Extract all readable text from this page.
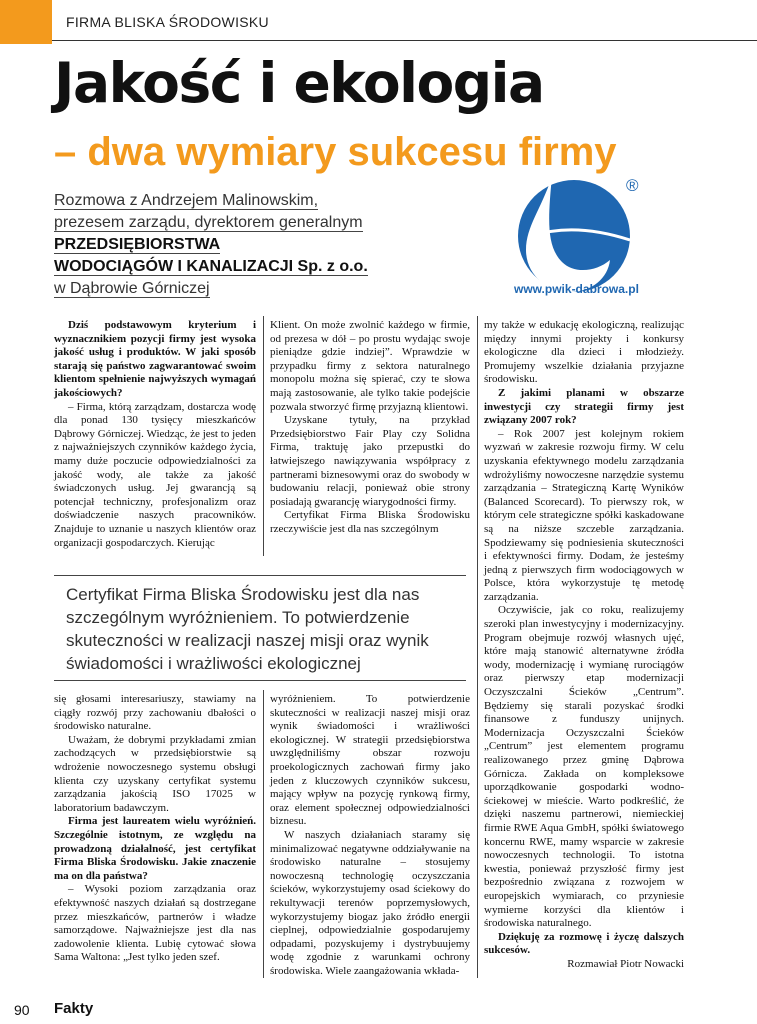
FIRMA BLISKA ŚRODOWISKU
Jakość i ekologia
– dwa wymiary sukcesu firmy
Rozmowa z Andrzejem Malinowskim,
prezesem zarządu, dyrektorem generalnym
PRZEDSIĘBIORSTWA
WODOCIĄGÓW I KANALIZACJI Sp. z o.o.
w Dąbrowie Górniczej
®
www.pwik-dabrowa.pl

Dziś podstawowym kryterium i wyznacznikiem pozycji firmy jest wysoka jakość usług i produktów. W jaki sposób starają się państwo zagwarantować swoim klientom spełnienie najwyższych wymagań jakościowych?

– Firma, którą zarządzam, dostarcza wodę dla ponad 130 tysięcy mieszkańców Dąbrowy Górniczej. Wiedząc, że jest to jeden z najważniejszych czynników każdego życia, mamy duże poczucie odpowiedzialności za jakość wody, ale także za jakość świadczonych usług. Jej gwarancją są potencjał techniczny, profesjonalizm oraz doświadczenie naszych pracowników. Znajduje to uznanie u naszych klientów oraz organizacji gospodarczych. Kierując

Klient. On może zwolnić każdego w firmie, od prezesa w dół – po prostu wydając swoje pieniądze gdzie indziej”. Wprawdzie w przypadku firmy z sektora naturalnego monopolu można się spierać, czy te słowa mają zastosowanie, ale tylko takie podejście pozwala stworzyć firmę przyjazną klientowi.

Uzyskane tytuły, na przykład Przedsiębiorstwo Fair Play czy Solidna Firma, traktuję jako przepustki do łatwiejszego nawiązywania współpracy z partnerami biznesowymi oraz do swobody w budowaniu relacji, ponieważ obie strony posiadają gwarancję wiarygodności firmy.

Certyfikat Firma Bliska Środowisku rzeczywiście jest dla nas szczególnym

Certyfikat Firma Bliska Środowisku jest dla nas
szczególnym wyróżnieniem. To potwierdzenie
skuteczności w realizacji naszej misji oraz wynik
świadomości i wrażliwości ekologicznej

się głosami interesariuszy, stawiamy na ciągły rozwój przy zachowaniu dbałości o środowisko naturalne.

Uważam, że dobrymi przykładami zmian zachodzących w przedsiębiorstwie są wdrożenie nowoczesnego systemu obsługi klienta czy uzyskany certyfikat systemu zarządzania jakością ISO 17025 w laboratorium badawczym.

Firma jest laureatem wielu wyróżnień. Szczególnie istotnym, ze względu na prowadzoną działalność, jest certyfikat Firma Bliska Środowisku. Jakie znaczenie ma on dla państwa?

– Wysoki poziom zarządzania oraz efektywność naszych działań są dostrzegane przez mieszkańców, partnerów i władze samorządowe. Najważniejsze jest dla nas zadowolenie klienta. Lubię cytować słowa Sama Waltona: „Jest tylko jeden szef.

wyróżnieniem. To potwierdzenie skuteczności w realizacji naszej misji oraz wynik świadomości i wrażliwości ekologicznej. W strategii przedsiębiorstwa uwzględniliśmy obszar rozwoju proekologicznych zachowań firmy jako jeden z kluczowych czynników sukcesu, mający wpływ na pozycję rynkową firmy, oraz element społecznej odpowiedzialności biznesu.

W naszych działaniach staramy się minimalizować negatywne oddziaływanie na środowisko naturalne – stosujemy nowoczesną technologię oczyszczania ścieków, wykorzystujemy osad ściekowy do rekultywacji terenów poprzemysłowych, wykorzystujemy biogaz jako źródło energii cieplnej, odpowiedzialnie gospodarujemy odpadami, pozyskujemy i dystrybuujemy wodę zgodnie z warunkami ochrony środowiska. Wiele zaangażowania wkłada-

my także w edukację ekologiczną, realizując między innymi projekty i konkursy ekologiczne dla dzieci i młodzieży. Promujemy wszelkie działania przyjazne środowisku.

Z jakimi planami w obszarze inwestycji czy strategii firmy jest związany 2007 rok?

– Rok 2007 jest kolejnym rokiem wyzwań w zakresie rozwoju firmy. W celu uzyskania efektywnego modelu zarządzania wdrożyliśmy nowoczesne narzędzie systemu zarządzania – Strategiczną Kartę Wyników (Balanced Scorecard). To pierwszy rok, w którym cele strategiczne spółki kaskadowane są na niższe szczeble zarządzania. Spodziewamy się podniesienia skuteczności i efektywności firmy. Dodam, że jesteśmy jedną z pierwszych firm wodociągowych w Polsce, która wykorzystuje tę metodę zarządzania.

Oczywiście, jak co roku, realizujemy szeroki plan inwestycyjny i modernizacyjny. Program obejmuje rozwój własnych ujęć, które mają stanowić alternatywne źródła wody, modernizację i wymianę rurociągów oraz pierwszy etap modernizacji Oczyszczalni Ścieków „Centrum”. Będziemy się starali pozyskać środki finansowe z funduszy unijnych. Modernizacja Oczyszczalni Ścieków „Centrum” jest elementem programu realizowanego przez gminę Dąbrowa Górnicza. Zakłada on kompleksowe uporządkowanie gospodarki wodno-ściekowej w mieście. Warto podkreślić, że dzięki naszemu partnerowi, niemieckiej firmie RWE Aqua GmbH, spółki światowego koncernu RWE, mamy wsparcie w zakresie nowoczesnych technologii. To istotna kwestia, ponieważ przyszłość firmy jest bezpośrednio związana z rozwojem w europejskich wymiarach, co przyniesie wymierne korzyści dla klientów i środowiska naturalnego.

Dziękuję za rozmowę i życzę dalszych sukcesów.

Rozmawiał Piotr Nowacki

90 Fakty
